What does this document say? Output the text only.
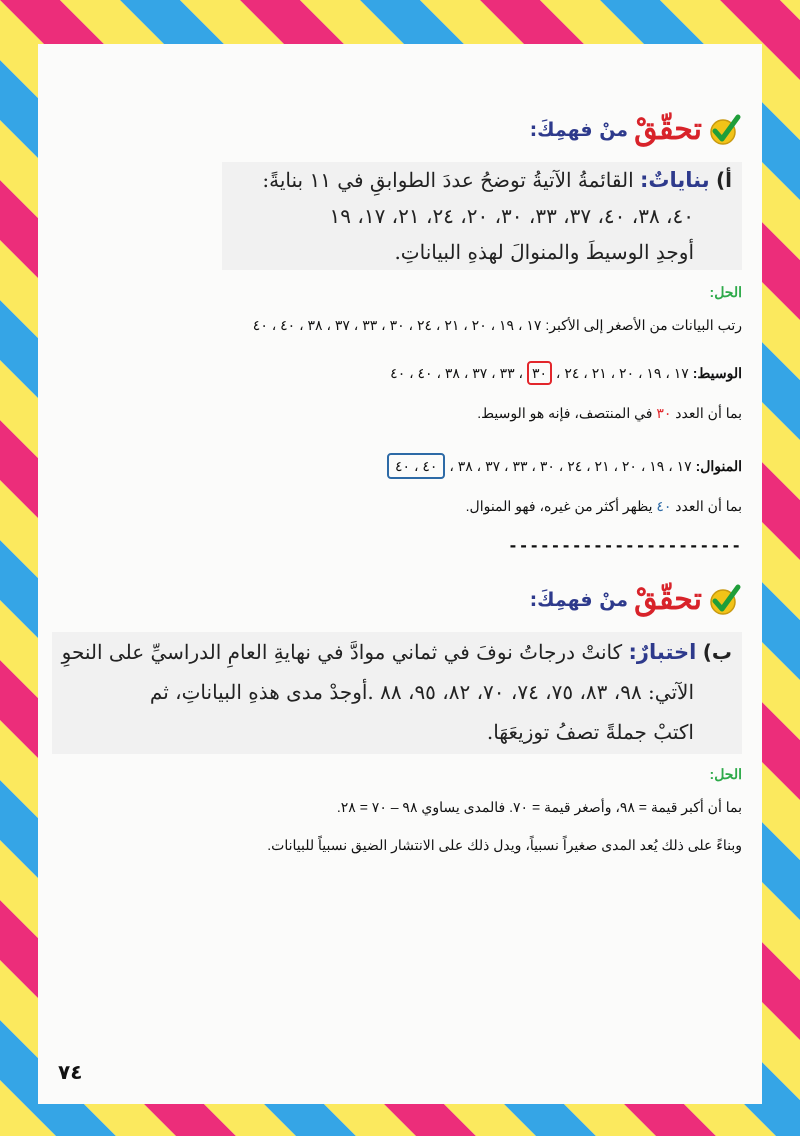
تحقّقْ
منْ فهمِكَ:
أ) بناياتٌ: القائمةُ الآتيةُ توضحُ عددَ الطوابقِ في ١١ بنايةً:
٤٠، ٣٨، ٤٠، ٣٧، ٣٣، ٣٠، ٢٠، ٢٤، ٢١، ١٧، ١٩
أوجدِ الوسيطَ والمنوالَ لهذهِ البياناتِ.
الحل:
رتب البيانات من الأصغر إلى الأكبر: ١٧ ، ١٩ ، ٢٠ ، ٢١ ، ٢٤ ، ٣٠ ، ٣٣ ، ٣٧ ، ٣٨ ، ٤٠ ، ٤٠
الوسيط: ١٧ ، ١٩ ، ٢٠ ، ٢١ ، ٢٤ ، ٣٠ ، ٣٣ ، ٣٧ ، ٣٨ ، ٤٠ ، ٤٠
بما أن العدد ٣٠ في المنتصف، فإنه هو الوسيط.
المنوال: ١٧ ، ١٩ ، ٢٠ ، ٢١ ، ٢٤ ، ٣٠ ، ٣٣ ، ٣٧ ، ٣٨ ، ٤٠ ، ٤٠
بما أن العدد ٤٠ يظهر أكثر من غيره، فهو المنوال.
----------------------
تحقّقْ
منْ فهمِكَ:
ب) اختبارٌ: كانتْ درجاتُ نوفَ في ثماني موادَّ في نهايةِ العامِ الدراسيِّ على النحوِ
الآتي: ٩٨، ٨٣، ٧٥، ٧٤، ٧٠، ٨٢، ٩٥، ٨٨ .أوجدْ مدى هذهِ البياناتِ، ثم
اكتبْ جملةً تصفُ توزيعَهَا.
الحل:
بما أن أكبر قيمة = ٩٨، وأصغر قيمة = ٧٠. فالمدى يساوي ٩٨ – ٧٠ = ٢٨.
وبناءً على ذلك يُعد المدى صغيراً نسبياً، ويدل ذلك على الانتشار الضيق نسبياً للبيانات.
٧٤
